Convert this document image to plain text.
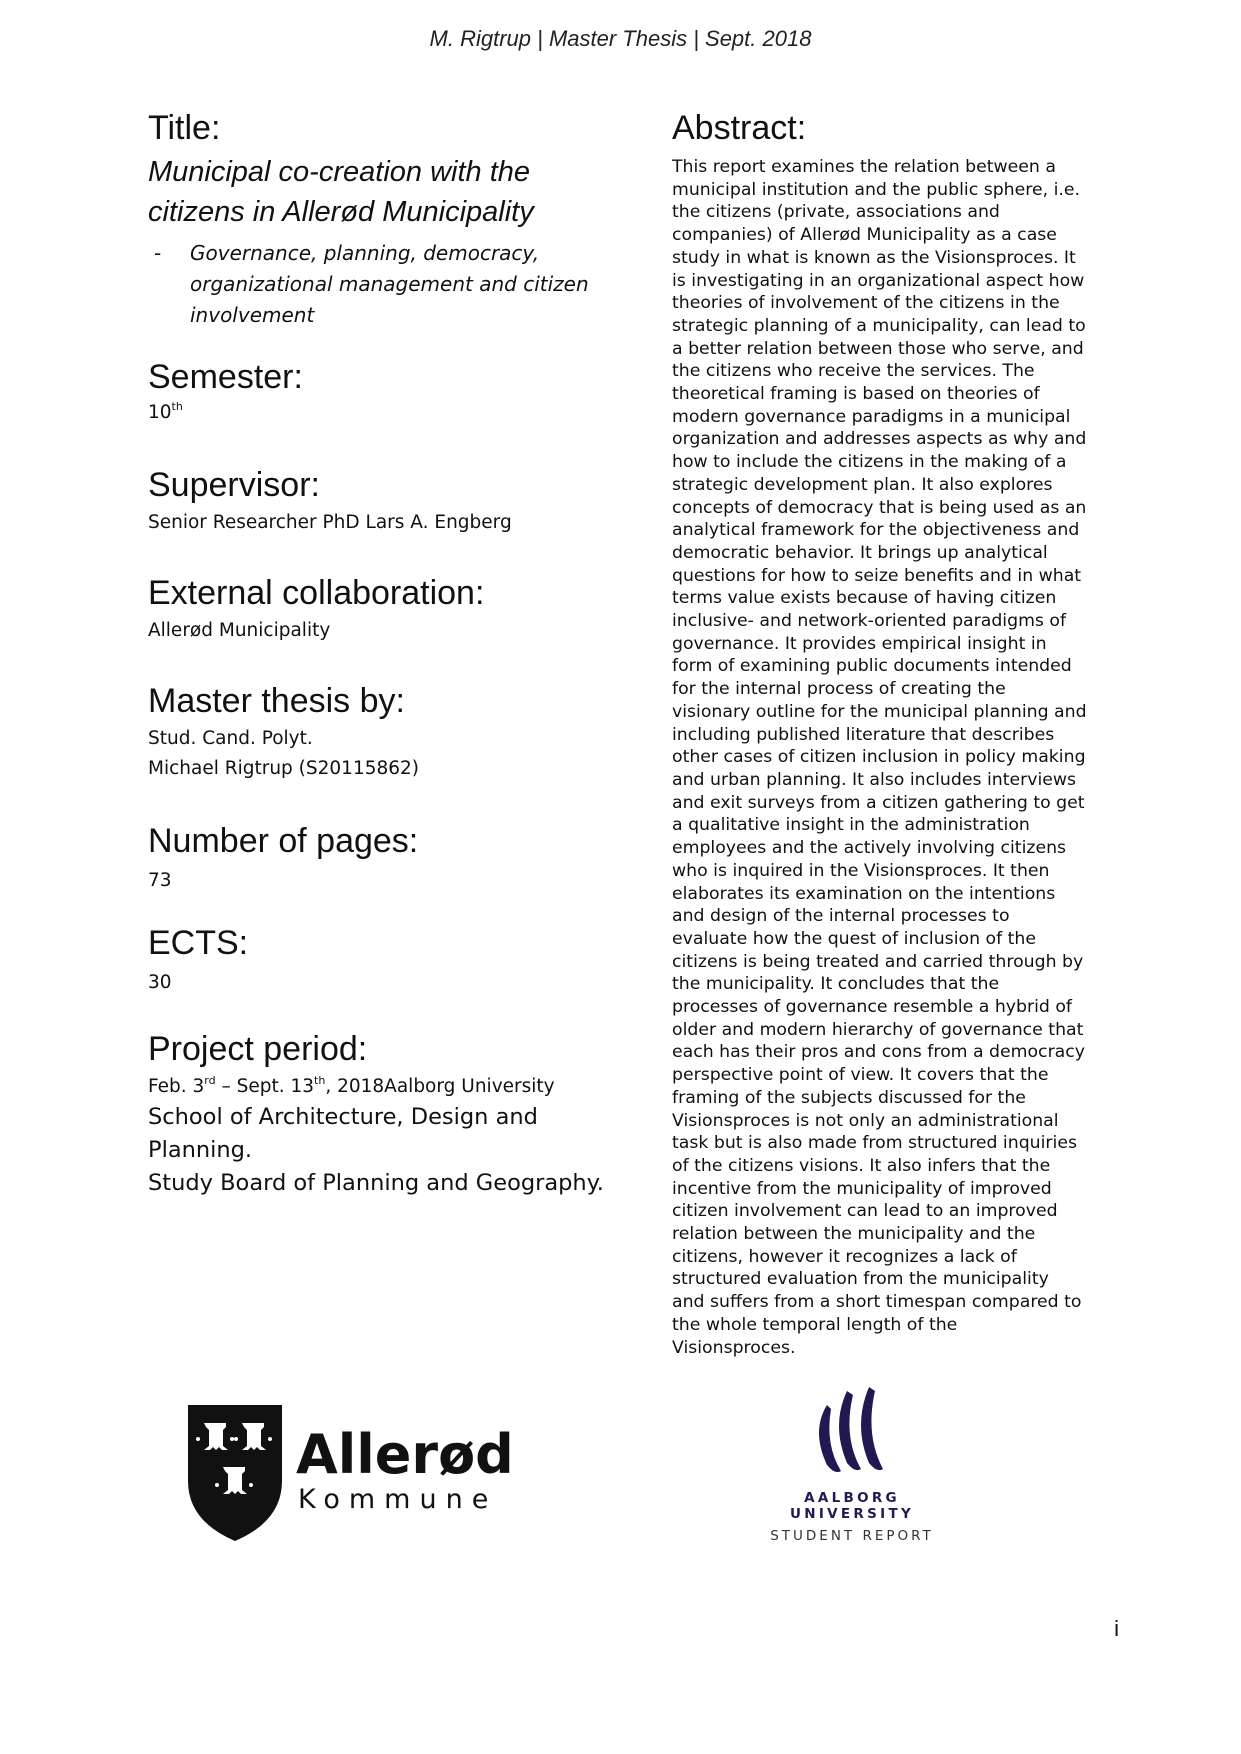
M. Rigtrup | Master Thesis | Sept. 2018
Title:
Municipal co-creation with the
citizens in Allerød Municipality
- Governance, planning, democracy,
organizational management and citizen
involvement
Semester:
10th
Supervisor:
Senior Researcher PhD Lars A. Engberg
External collaboration:
Allerød Municipality
Master thesis by:
Stud. Cand. Polyt.
Michael Rigtrup (S20115862)
Number of pages:
73
ECTS:
30
Project period:
Feb. 3rd – Sept. 13th, 2018Aalborg University
School of Architecture, Design and
Planning.
Study Board of Planning and Geography.
Abstract:
This report examines the relation between a
municipal institution and the public sphere, i.e.
the citizens (private, associations and
companies) of Allerød Municipality as a case
study in what is known as the Visionsproces. It
is investigating in an organizational aspect how
theories of involvement of the citizens in the
strategic planning of a municipality, can lead to
a better relation between those who serve, and
the citizens who receive the services. The
theoretical framing is based on theories of
modern governance paradigms in a municipal
organization and addresses aspects as why and
how to include the citizens in the making of a
strategic development plan. It also explores
concepts of democracy that is being used as an
analytical framework for the objectiveness and
democratic behavior. It brings up analytical
questions for how to seize benefits and in what
terms value exists because of having citizen
inclusive- and network-oriented paradigms of
governance. It provides empirical insight in
form of examining public documents intended
for the internal process of creating the
visionary outline for the municipal planning and
including published literature that describes
other cases of citizen inclusion in policy making
and urban planning. It also includes interviews
and exit surveys from a citizen gathering to get
a qualitative insight in the administration
employees and the actively involving citizens
who is inquired in the Visionsproces. It then
elaborates its examination on the intentions
and design of the internal processes to
evaluate how the quest of inclusion of the
citizens is being treated and carried through by
the municipality. It concludes that the
processes of governance resemble a hybrid of
older and modern hierarchy of governance that
each has their pros and cons from a democracy
perspective point of view. It covers that the
framing of the subjects discussed for the
Visionsproces is not only an administrational
task but is also made from structured inquiries
of the citizens visions. It also infers that the
incentive from the municipality of improved
citizen involvement can lead to an improved
relation between the municipality and the
citizens, however it recognizes a lack of
structured evaluation from the municipality
and suffers from a short timespan compared to
the whole temporal length of the
Visionsproces.
Allerød
Kommune	AALBORG UNIVERSITY
STUDENT REPORT
i
